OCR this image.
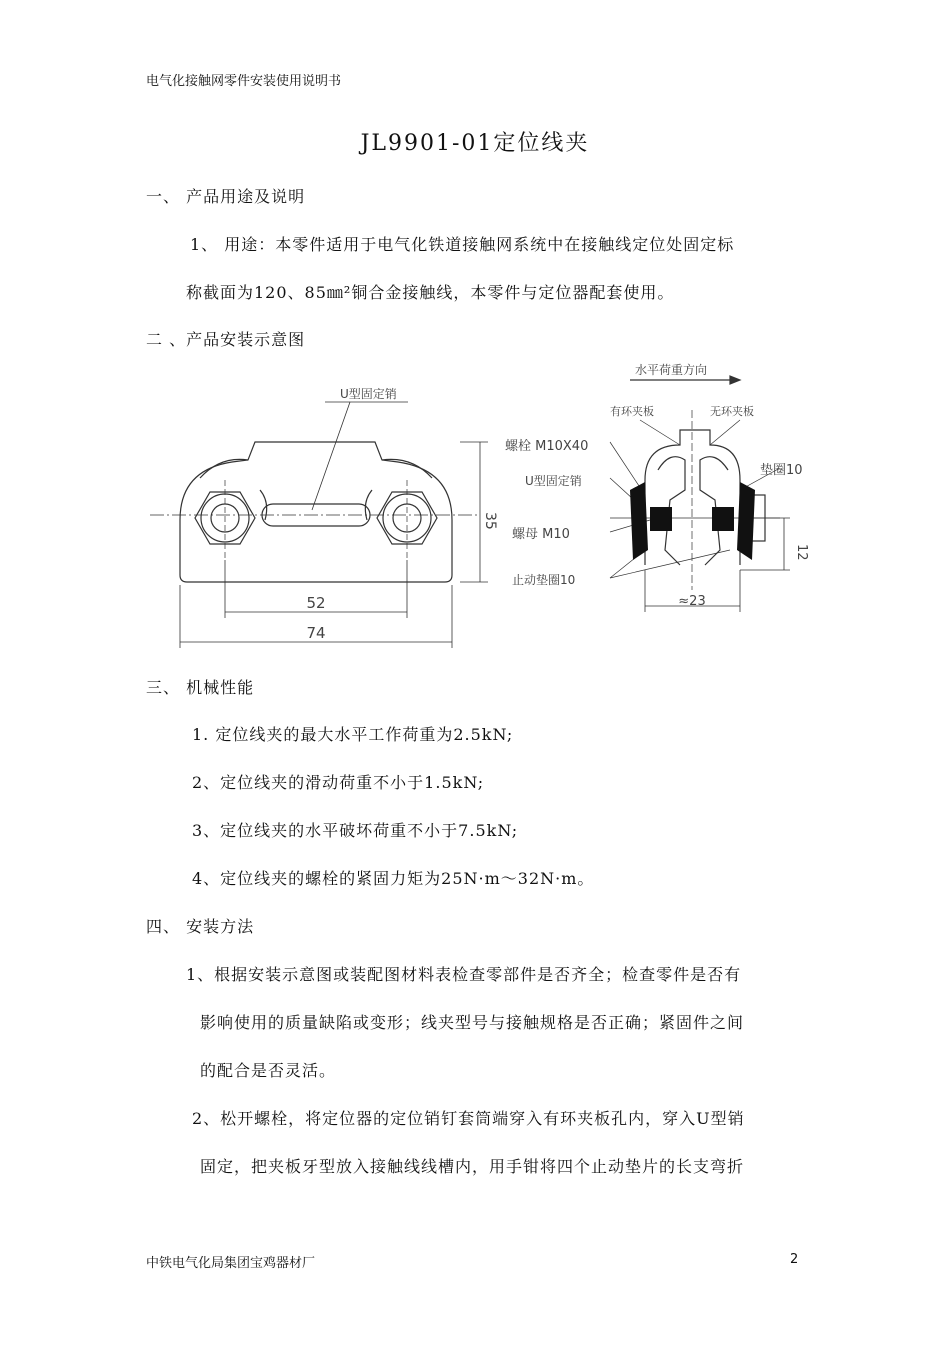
电气化接触网零件安装使用说明书
JL9901-01定位线夹
一、 产品用途及说明
1、 用途：本零件适用于电气化铁道接触网系统中在接触线定位处固定标
称截面为120、85㎜²铜合金接触线，本零件与定位器配套使用。
二 、产品安装示意图
U型固定销
35
52
74
水平荷重方向
有环夹板	无环夹板
螺栓 M10X40
U型固定销
垫圈10
螺母 M10
止动垫圈10
12
≈23
三、 机械性能
1. 定位线夹的最大水平工作荷重为2.5kN;
2、定位线夹的滑动荷重不小于1.5kN;
3、定位线夹的水平破坏荷重不小于7.5kN;
4、定位线夹的螺栓的紧固力矩为25N·m～32N·m。
四、 安装方法
1、根据安装示意图或装配图材料表检查零部件是否齐全；检查零件是否有
影响使用的质量缺陷或变形；线夹型号与接触规格是否正确；紧固件之间
的配合是否灵活。
2、松开螺栓，将定位器的定位销钉套筒端穿入有环夹板孔内，穿入U型销
固定，把夹板牙型放入接触线线槽内，用手钳将四个止动垫片的长支弯折
中铁电气化局集团宝鸡器材厂	2
